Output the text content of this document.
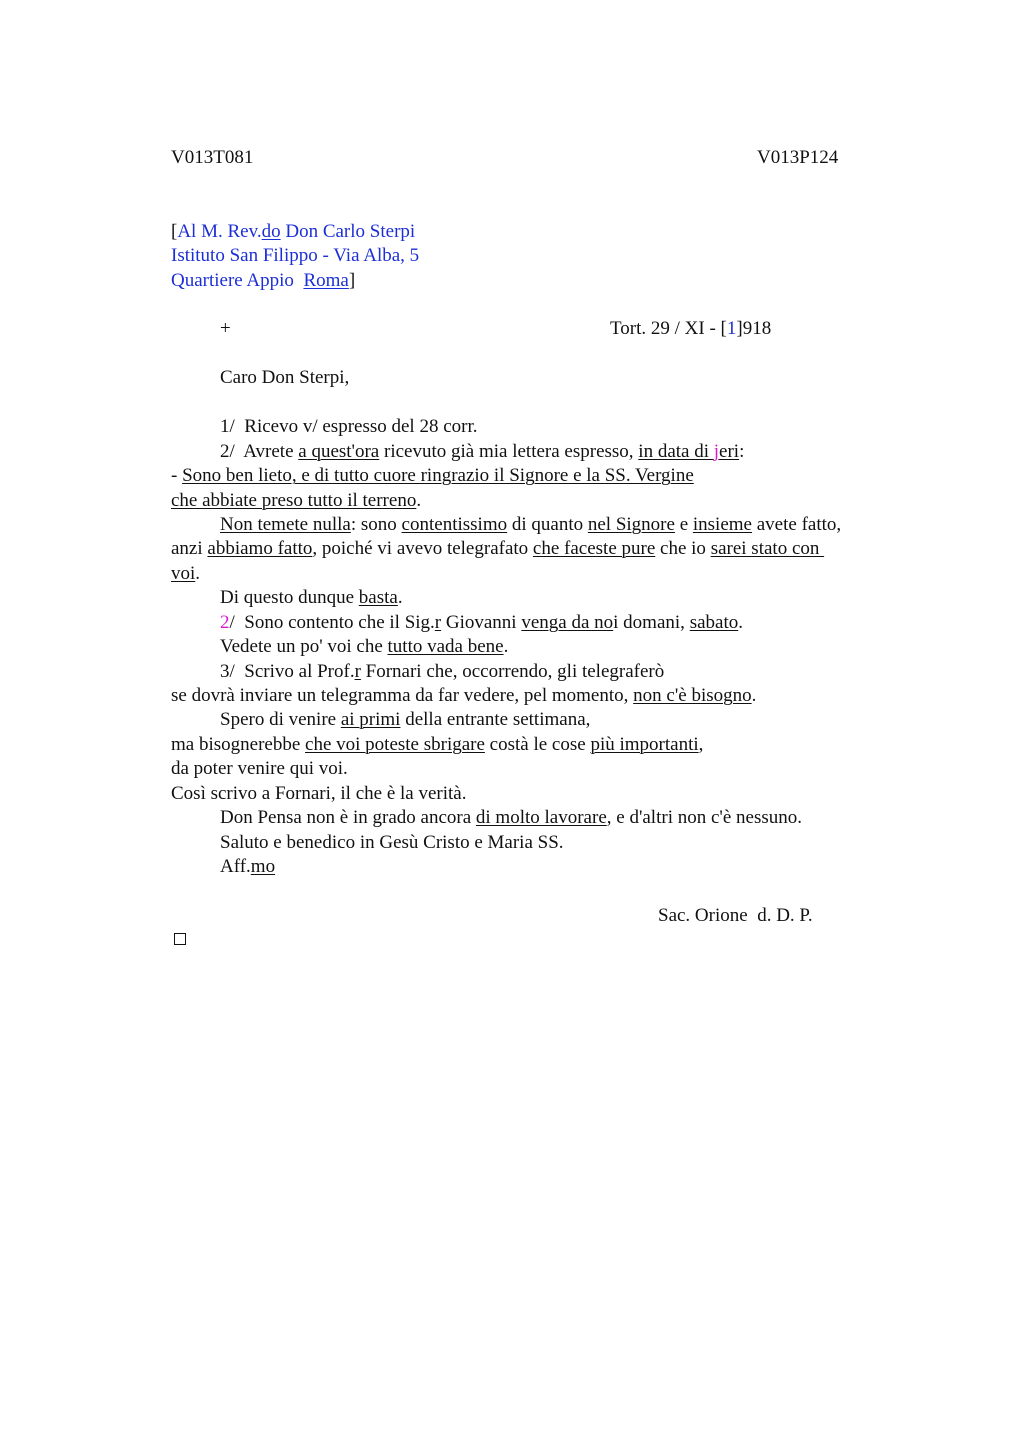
V013T081	V013P124
[Al M. Rev.do Don Carlo Sterpi
Istituto San Filippo - Via Alba, 5
Quartiere Appio  Roma]
+	Tort. 29 / XI - [1]918
Caro Don Sterpi,
1/  Ricevo v/ espresso del 28 corr.
2/  Avrete a quest'ora ricevuto già mia lettera espresso, in data di jeri:
- Sono ben lieto, e di tutto cuore ringrazio il Signore e la SS. Vergine
che abbiate preso tutto il terreno.
Non temete nulla: sono contentissimo di quanto nel Signore e insieme avete fatto,
anzi abbiamo fatto, poiché vi avevo telegrafato che faceste pure che io sarei stato con
voi.
Di questo dunque basta.
2/  Sono contento che il Sig.r Giovanni venga da noi domani, sabato.
Vedete un po' voi che tutto vada bene.
3/  Scrivo al Prof.r Fornari che, occorrendo, gli telegraferò
se dovrà inviare un telegramma da far vedere, pel momento, non c'è bisogno.
Spero di venire ai primi della entrante settimana,
ma bisognerebbe che voi poteste sbrigare costà le cose più importanti,
da poter venire qui voi.
Così scrivo a Fornari, il che è la verità.
Don Pensa non è in grado ancora di molto lavorare, e d'altri non c'è nessuno.
Saluto e benedico in Gesù Cristo e Maria SS.
Aff.mo
Sac. Orione  d. D. P.
